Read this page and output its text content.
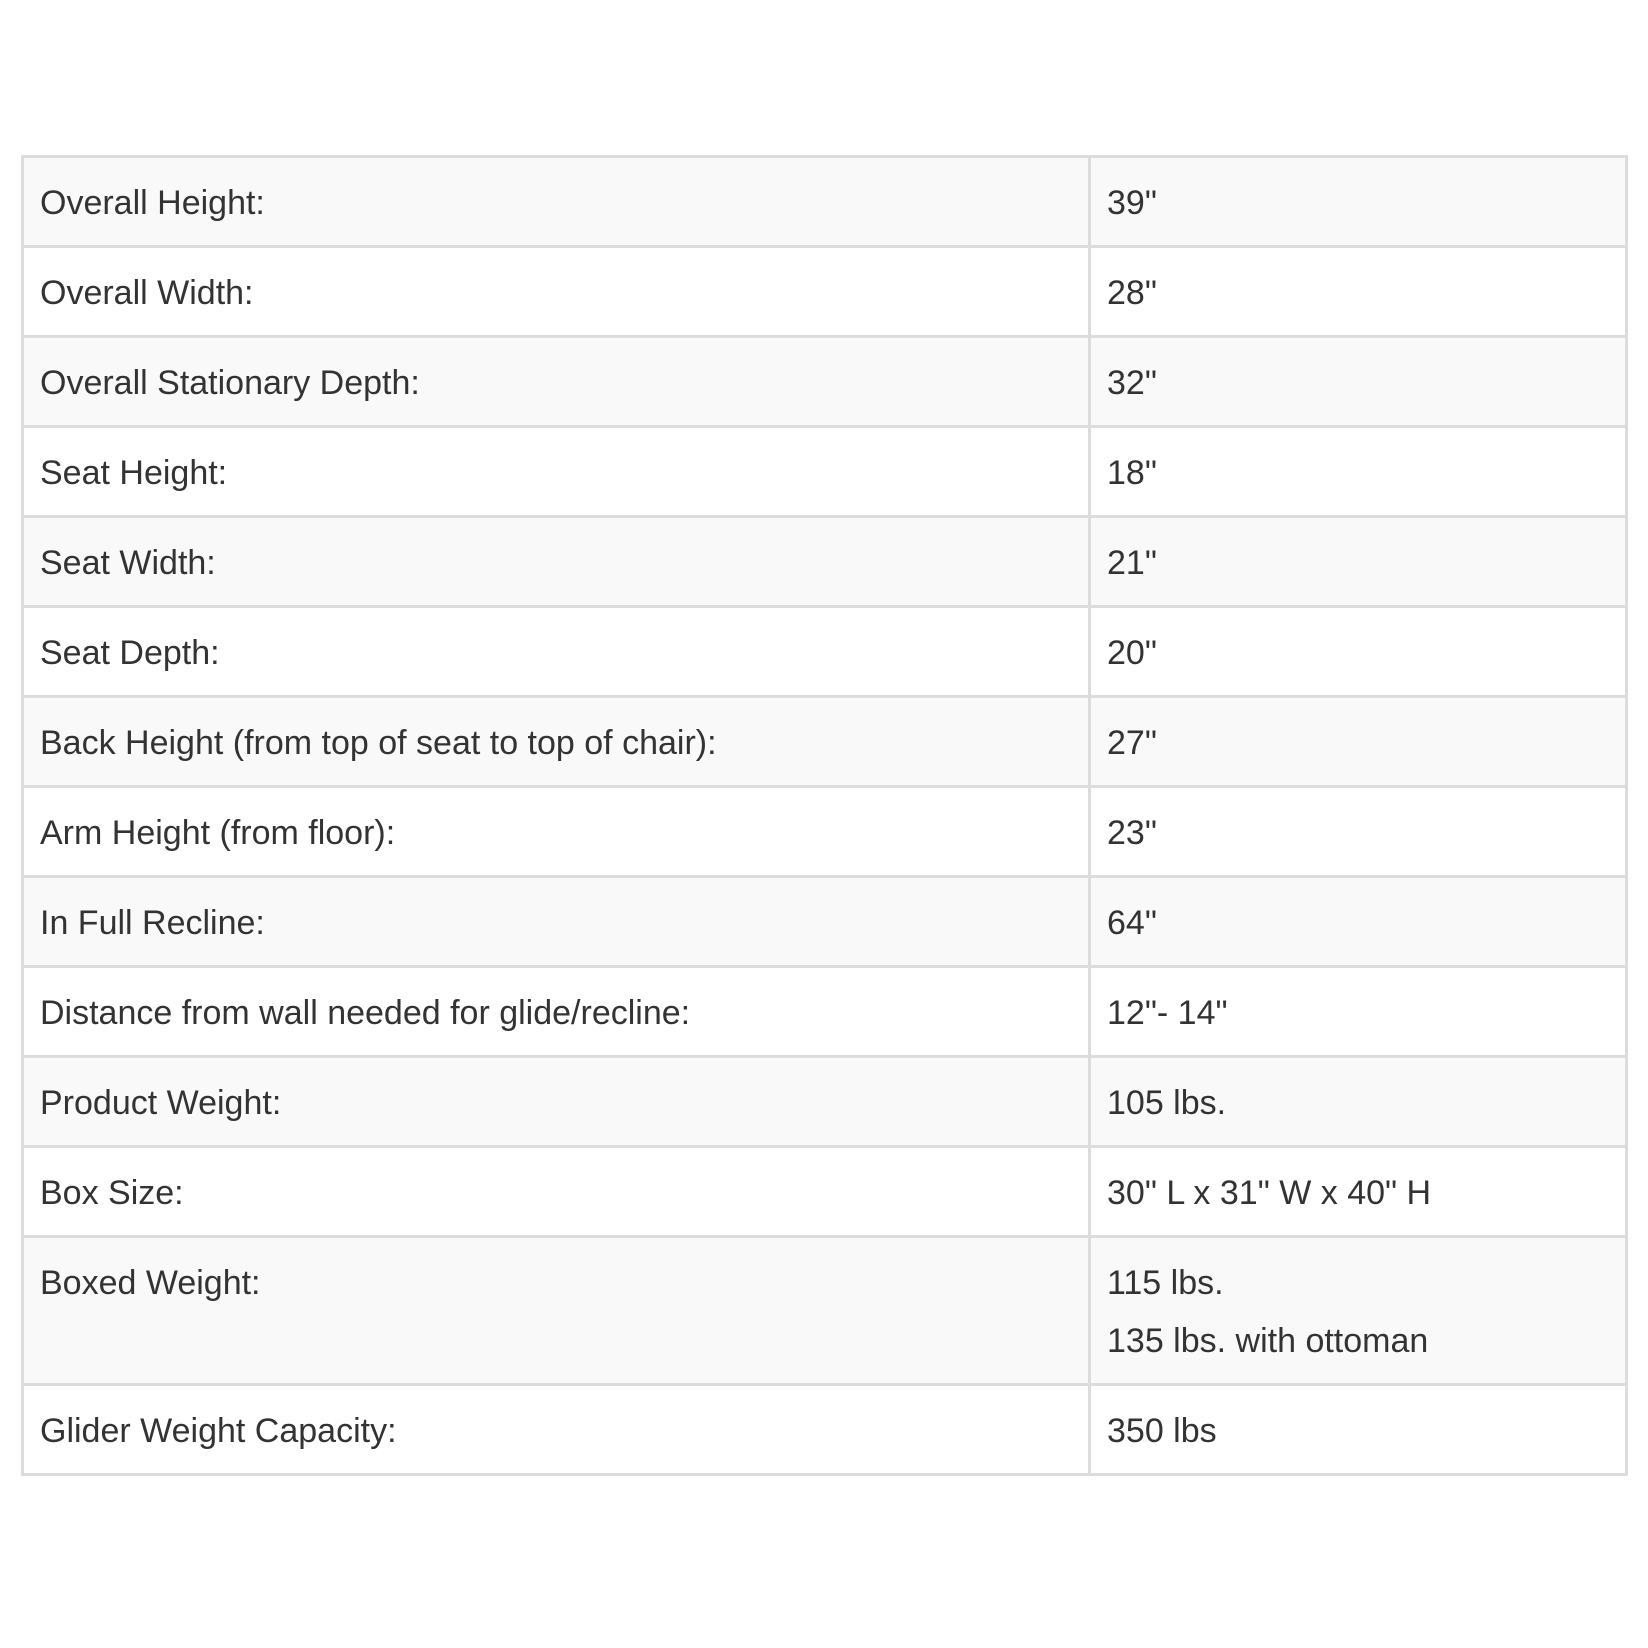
Overall Height:	39"

Overall Width:	28"

Overall Stationary Depth:	32"

Seat Height:	18"

Seat Width:	21"

Seat Depth:	20"

Back Height (from top of seat to top of chair):	27"

Arm Height (from floor):	23"

In Full Recline:	64"

Distance from wall needed for glide/recline:	12"- 14"

Product Weight:	105 lbs.

Box Size:	30" L x 31" W x 40" H

Boxed Weight:	115 lbs.
135 lbs. with ottoman

Glider Weight Capacity:	350 lbs
